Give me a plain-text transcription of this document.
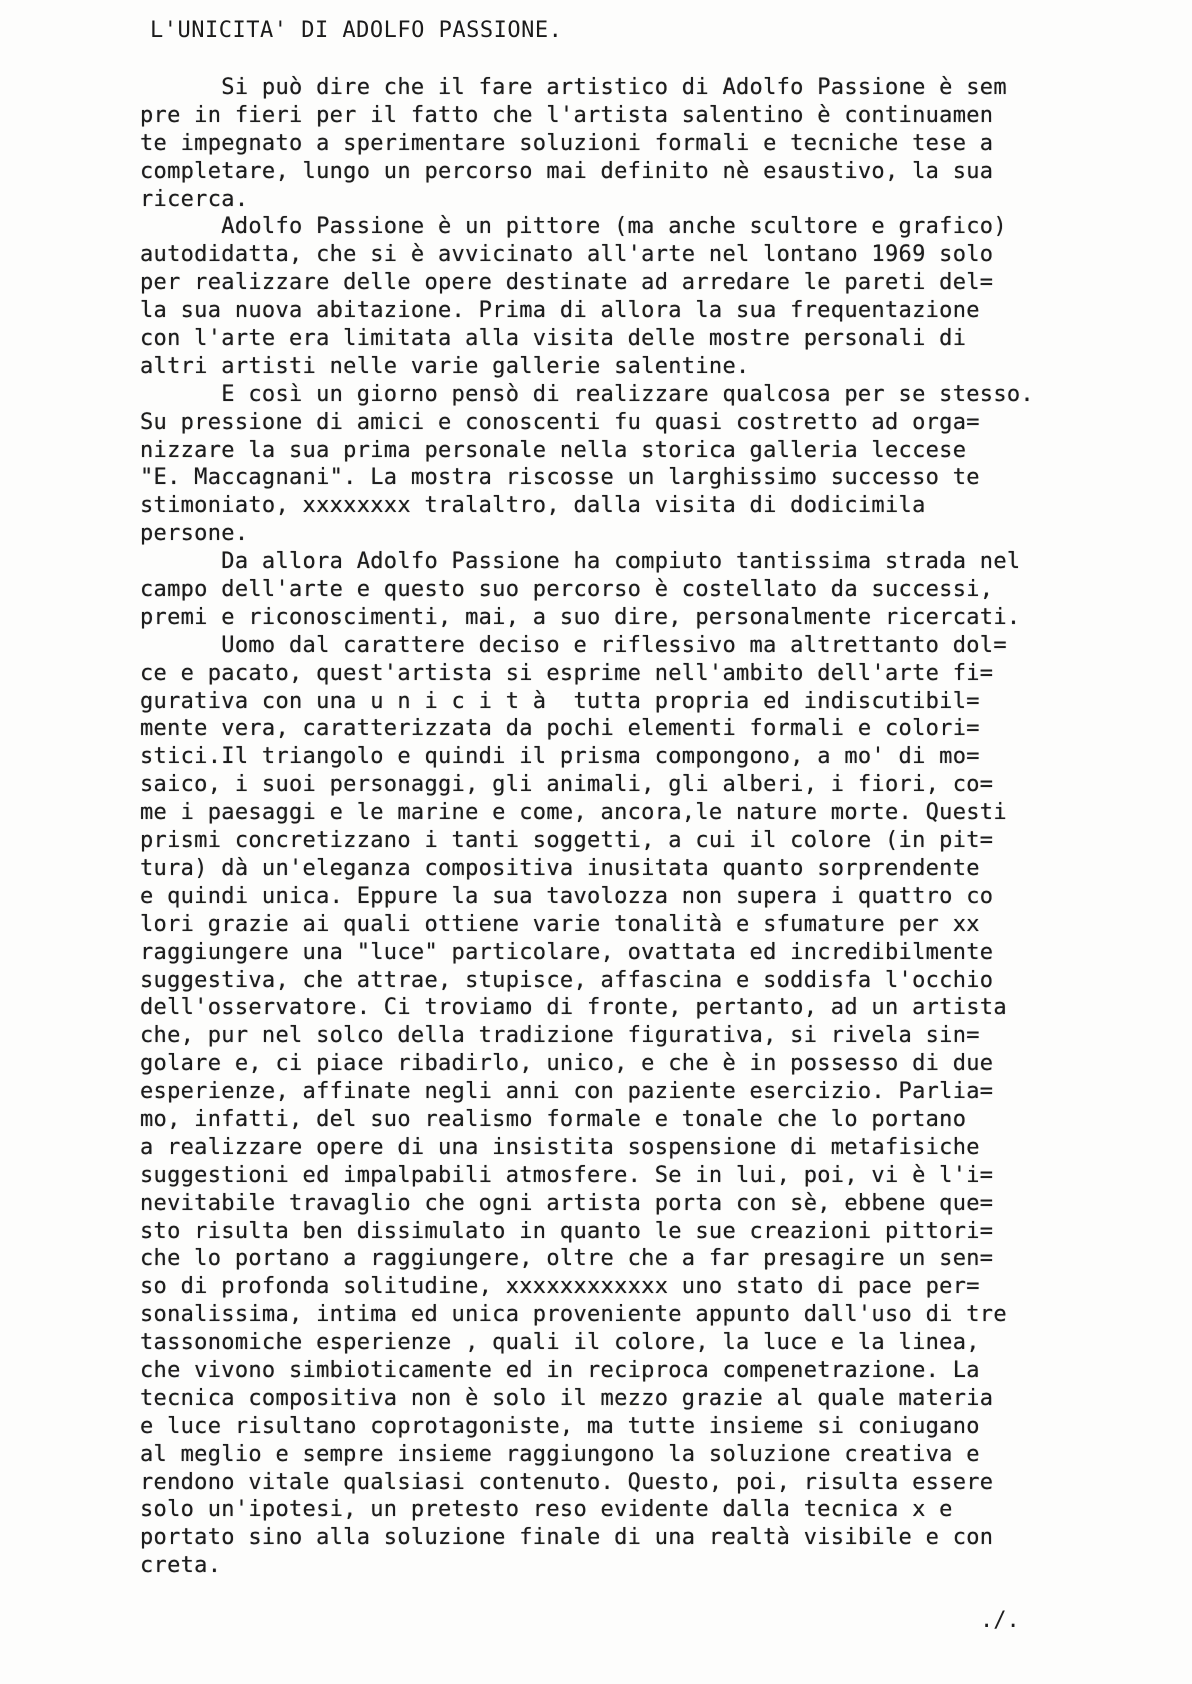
L'UNICITA' DI ADOLFO PASSIONE.
Si può dire che il fare artistico di Adolfo Passione è sem
pre in fieri per il fatto che l'artista salentino è continuamen
te impegnato a sperimentare soluzioni formali e tecniche tese a
completare, lungo un percorso mai definito nè esaustivo, la sua
ricerca.
Adolfo Passione è un pittore (ma anche scultore e grafico)
autodidatta, che si è avvicinato all'arte nel lontano 1969 solo
per realizzare delle opere destinate ad arredare le pareti del=
la sua nuova abitazione. Prima di allora la sua frequentazione
con l'arte era limitata alla visita delle mostre personali di
altri artisti nelle varie gallerie salentine.
E così un giorno pensò di realizzare qualcosa per se stesso.
Su pressione di amici e conoscenti fu quasi costretto ad orga=
nizzare la sua prima personale nella storica galleria leccese
"E. Maccagnani". La mostra riscosse un larghissimo successo te
stimoniato, xxxxxxxx tralaltro, dalla visita di dodicimila
persone.
Da allora Adolfo Passione ha compiuto tantissima strada nel
campo dell'arte e questo suo percorso è costellato da successi,
premi e riconoscimenti, mai, a suo dire, personalmente ricercati.
Uomo dal carattere deciso e riflessivo ma altrettanto dol=
ce e pacato, quest'artista si esprime nell'ambito dell'arte fi=
gurativa con una u n i c i t à  tutta propria ed indiscutibil=
mente vera, caratterizzata da pochi elementi formali e colori=
stici.Il triangolo e quindi il prisma compongono, a mo' di mo=
saico, i suoi personaggi, gli animali, gli alberi, i fiori, co=
me i paesaggi e le marine e come, ancora,le nature morte. Questi
prismi concretizzano i tanti soggetti, a cui il colore (in pit=
tura) dà un'eleganza compositiva inusitata quanto sorprendente
e quindi unica. Eppure la sua tavolozza non supera i quattro co
lori grazie ai quali ottiene varie tonalità e sfumature per xx
raggiungere una "luce" particolare, ovattata ed incredibilmente
suggestiva, che attrae, stupisce, affascina e soddisfa l'occhio
dell'osservatore. Ci troviamo di fronte, pertanto, ad un artista
che, pur nel solco della tradizione figurativa, si rivela sin=
golare e, ci piace ribadirlo, unico, e che è in possesso di due
esperienze, affinate negli anni con paziente esercizio. Parlia=
mo, infatti, del suo realismo formale e tonale che lo portano
a realizzare opere di una insistita sospensione di metafisiche
suggestioni ed impalpabili atmosfere. Se in lui, poi, vi è l'i=
nevitabile travaglio che ogni artista porta con sè, ebbene que=
sto risulta ben dissimulato in quanto le sue creazioni pittori=
che lo portano a raggiungere, oltre che a far presagire un sen=
so di profonda solitudine, xxxxxxxxxxxx uno stato di pace per=
sonalissima, intima ed unica proveniente appunto dall'uso di tre
tassonomiche esperienze , quali il colore, la luce e la linea,
che vivono simbioticamente ed in reciproca compenetrazione. La
tecnica compositiva non è solo il mezzo grazie al quale materia
e luce risultano coprotagoniste, ma tutte insieme si coniugano
al meglio e sempre insieme raggiungono la soluzione creativa e
rendono vitale qualsiasi contenuto. Questo, poi, risulta essere
solo un'ipotesi, un pretesto reso evidente dalla tecnica x e
portato sino alla soluzione finale di una realtà visibile e con
creta.
./.
